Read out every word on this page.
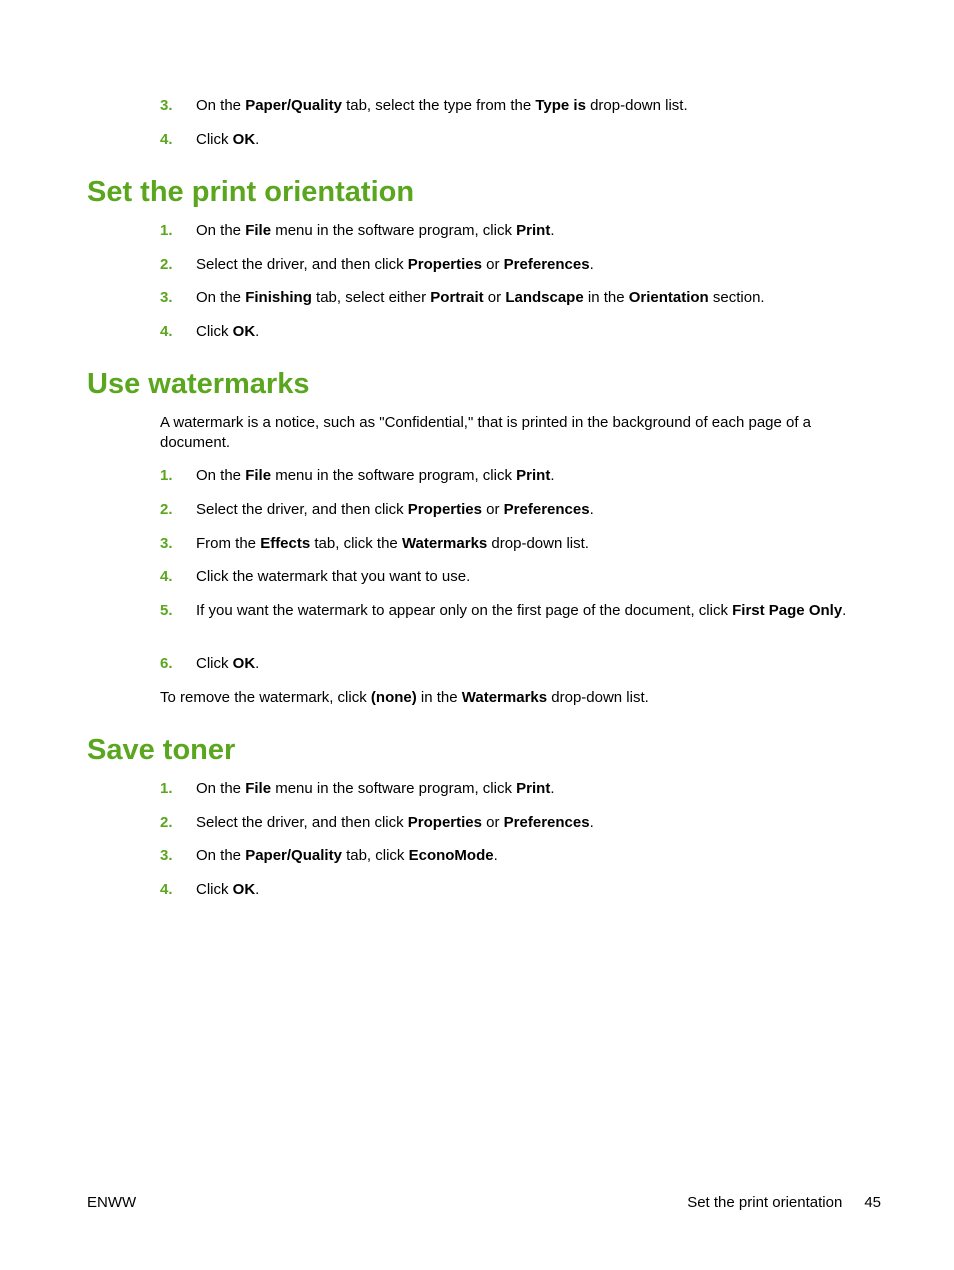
3. On the Paper/Quality tab, select the type from the Type is drop-down list.
4. Click OK.
Set the print orientation
1. On the File menu in the software program, click Print.
2. Select the driver, and then click Properties or Preferences.
3. On the Finishing tab, select either Portrait or Landscape in the Orientation section.
4. Click OK.
Use watermarks
A watermark is a notice, such as "Confidential," that is printed in the background of each page of a
document.
1. On the File menu in the software program, click Print.
2. Select the driver, and then click Properties or Preferences.
3. From the Effects tab, click the Watermarks drop-down list.
4. Click the watermark that you want to use.
5. If you want the watermark to appear only on the first page of the document, click First Page Only.
6. Click OK.
To remove the watermark, click (none) in the Watermarks drop-down list.
Save toner
1. On the File menu in the software program, click Print.
2. Select the driver, and then click Properties or Preferences.
3. On the Paper/Quality tab, click EconoMode.
4. Click OK.
ENWW	Set the print orientation 45
